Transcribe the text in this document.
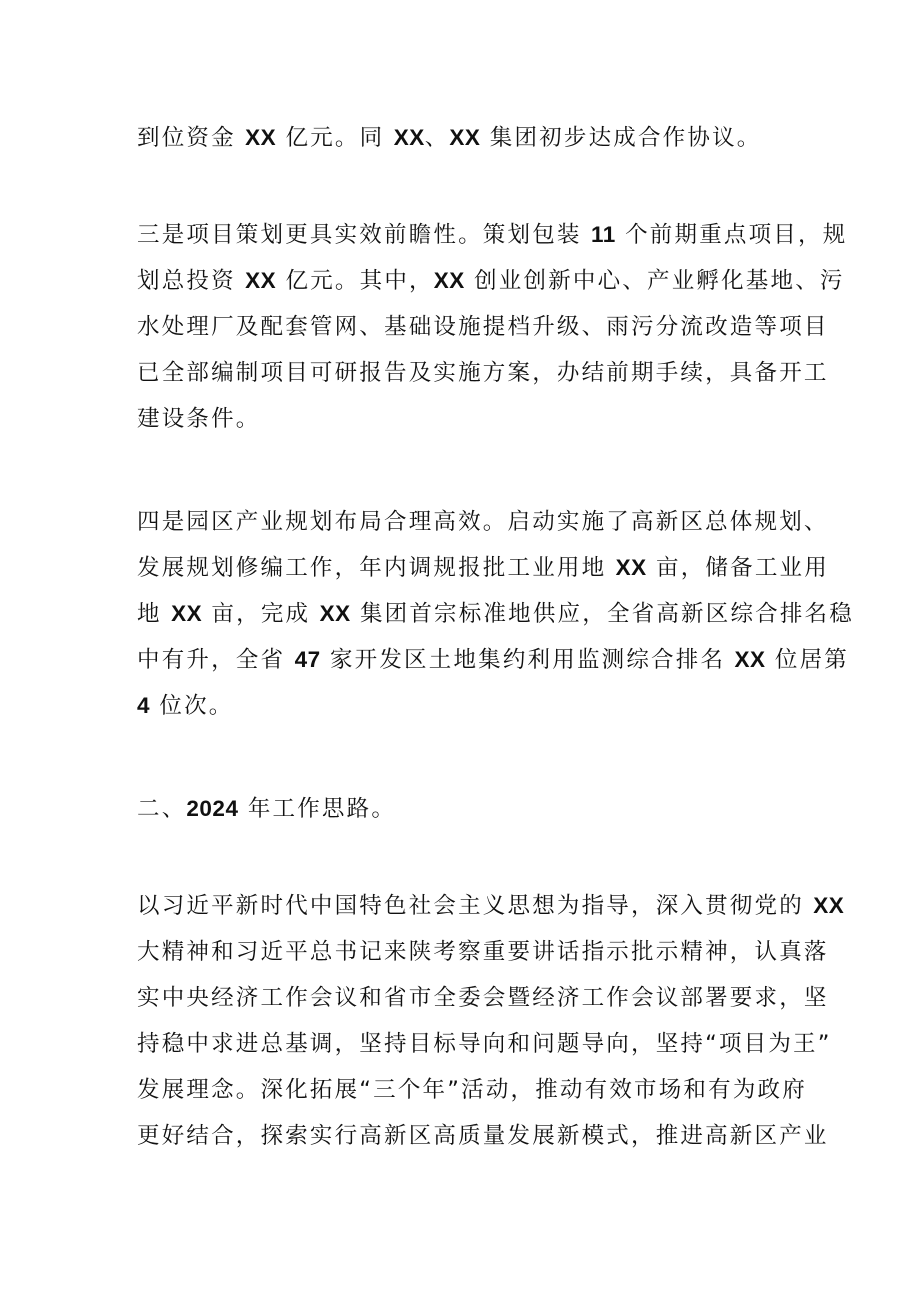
到位资金 XX 亿元。同 XX、XX 集团初步达成合作协议。
三是项目策划更具实效前瞻性。策划包装 11 个前期重点项目，规
划总投资 XX 亿元。其中，XX 创业创新中心、产业孵化基地、污
水处理厂及配套管网、基础设施提档升级、雨污分流改造等项目
已全部编制项目可研报告及实施方案，办结前期手续，具备开工
建设条件。
四是园区产业规划布局合理高效。启动实施了高新区总体规划、
发展规划修编工作，年内调规报批工业用地 XX 亩，储备工业用
地 XX 亩，完成 XX 集团首宗标准地供应，全省高新区综合排名稳
中有升，全省 47 家开发区土地集约利用监测综合排名 XX 位居第
4 位次。
二、2024 年工作思路。
以习近平新时代中国特色社会主义思想为指导，深入贯彻党的 XX
大精神和习近平总书记来陕考察重要讲话指示批示精神，认真落
实中央经济工作会议和省市全委会暨经济工作会议部署要求，坚
持稳中求进总基调，坚持目标导向和问题导向，坚持“项目为王”
发展理念。深化拓展“三个年”活动，推动有效市场和有为政府
更好结合，探索实行高新区高质量发展新模式，推进高新区产业
